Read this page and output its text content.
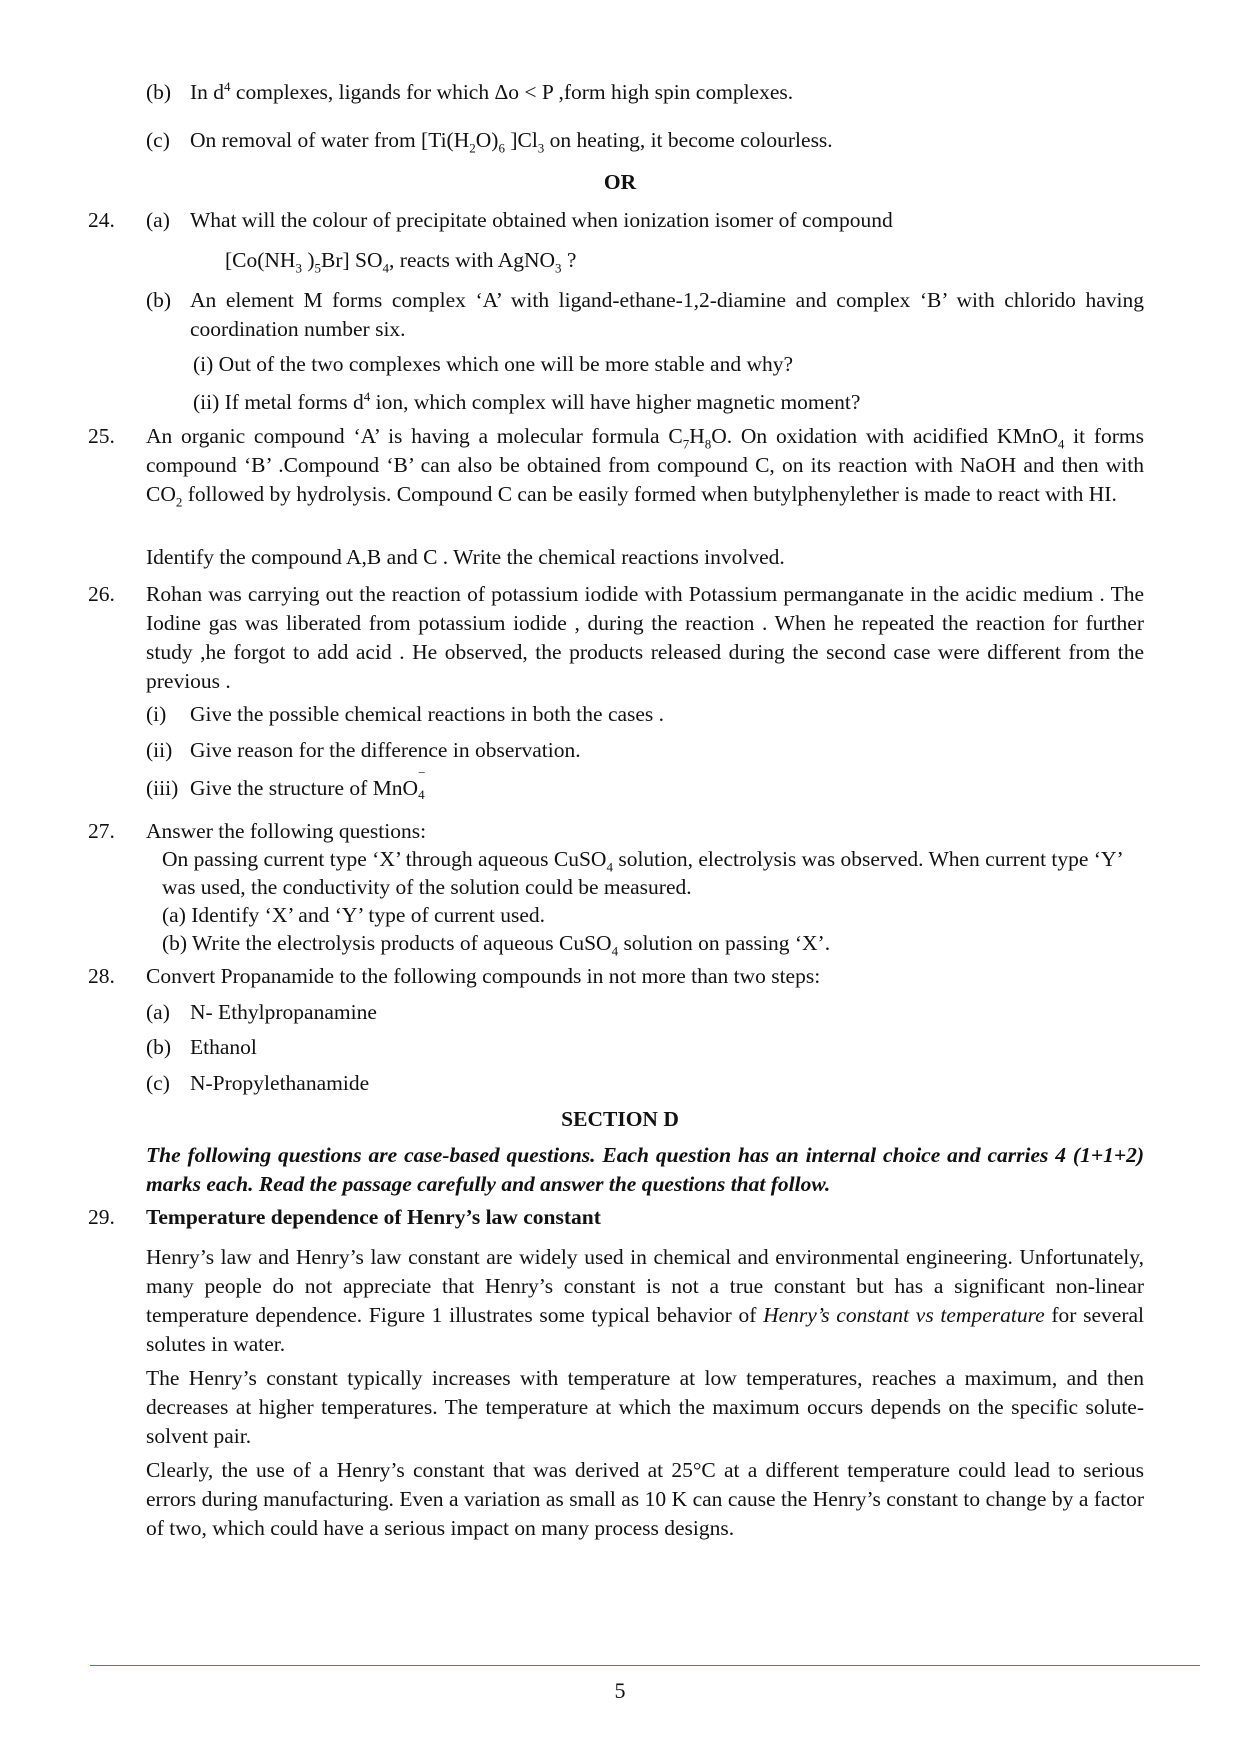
(b) In $d^4$ complexes, ligands for which Δo < P ,form high spin complexes.
(c) On removal of water from [$Ti(H_2O)_6$ ]$Cl_3$ on heating, it become colourless.
OR
24.	(a) What will the colour of precipitate obtained when ionization isomer of compound
[$Co(NH_3$ )$_5Br$] $SO_4$, reacts with AgNO$_3$ ?
(b) An element M forms complex ‘A’ with ligand-ethane-1,2-diamine and complex ‘B’ with chlorido having coordination number six.
(i) Out of the two complexes which one will be more stable and why?
(ii) If metal forms $d^4$ ion, which complex will have higher magnetic moment?
25.	An organic compound ‘A’ is having a molecular formula $C_7H_8O$. On oxidation with acidified KMnO$_4$ it forms compound ‘B’ .Compound ‘B’ can also be obtained from compound C, on its reaction with NaOH and then with $CO_2$ followed by hydrolysis. Compound C can be easily formed when butylphenylether is made to react with HI.
Identify the compound A,B and C . Write the chemical reactions involved.
26.	Rohan was carrying out the reaction of potassium iodide with Potassium permanganate in the acidic medium . The Iodine gas was liberated from potassium iodide , during the reaction . When he repeated the reaction for further study ,he forgot to add acid . He observed, the products released during the second case were different from the previous .
(i)	Give the possible chemical reactions in both the cases .
(ii) Give reason for the difference in observation.
(iii) Give the structure of MnO
−
4
27.	Answer the following questions:
On passing current type ‘X’ through aqueous CuSO$_4$ solution, electrolysis was observed. When current type ‘Y’ was used, the conductivity of the solution could be measured.
(a) Identify ‘X’ and ‘Y’ type of current used.
(b) Write the electrolysis products of aqueous CuSO$_4$ solution on passing ‘X’.
28.	Convert Propanamide to the following compounds in not more than two steps:
(a) N- Ethylpropanamine
(b) Ethanol
(c) N-Propylethanamide
SECTION D
The following questions are case-based questions. Each question has an internal choice and carries 4 (1+1+2) marks each. Read the passage carefully and answer the questions that follow.
29.	Temperature dependence of Henry’s law constant
Henry’s law and Henry’s law constant are widely used in chemical and environmental engineering. Unfortunately, many people do not appreciate that Henry’s constant is not a true constant but has a significant non-linear temperature dependence. Figure 1 illustrates some typical behavior of Henry’s constant vs temperature for several solutes in water.
The Henry’s constant typically increases with temperature at low temperatures, reaches a maximum, and then decreases at higher temperatures. The temperature at which the maximum occurs depends on the specific solute-solvent pair.
Clearly, the use of a Henry’s constant that was derived at 25°C at a different temperature could lead to serious errors during manufacturing. Even a variation as small as 10 K can cause the Henry’s constant to change by a factor of two, which could have a serious impact on many process designs.
5
